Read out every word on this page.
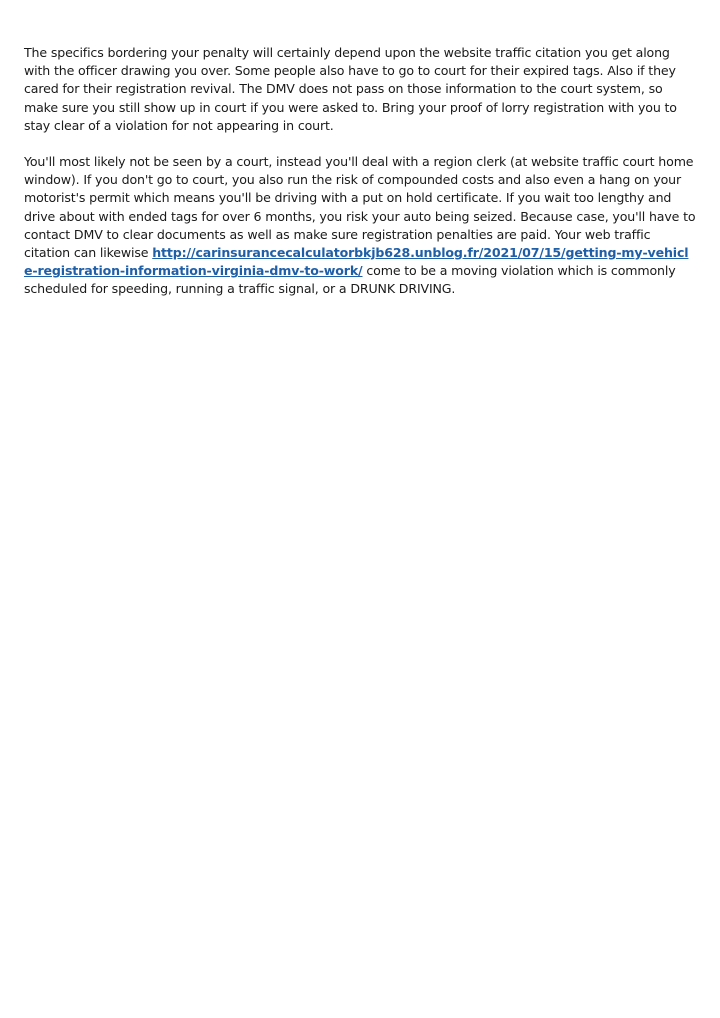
The specifics bordering your penalty will certainly depend upon the website traffic citation you get along with the officer drawing you over. Some people also have to go to court for their expired tags. Also if they cared for their registration revival. The DMV does not pass on those information to the court system, so make sure you still show up in court if you were asked to. Bring your proof of lorry registration with you to stay clear of a violation for not appearing in court.

You'll most likely not be seen by a court, instead you'll deal with a region clerk (at website traffic court home window). If you don't go to court, you also run the risk of compounded costs and also even a hang on your motorist's permit which means you'll be driving with a put on hold certificate. If you wait too lengthy and drive about with ended tags for over 6 months, you risk your auto being seized. Because case, you'll have to contact DMV to clear documents as well as make sure registration penalties are paid. Your web traffic citation can likewise http://carinsurancecalculatorbkjb628.unblog.fr/2021/07/15/getting-my-vehicle-registration-information-virginia-dmv-to-work/ come to be a moving violation which is commonly scheduled for speeding, running a traffic signal, or a DRUNK DRIVING.
